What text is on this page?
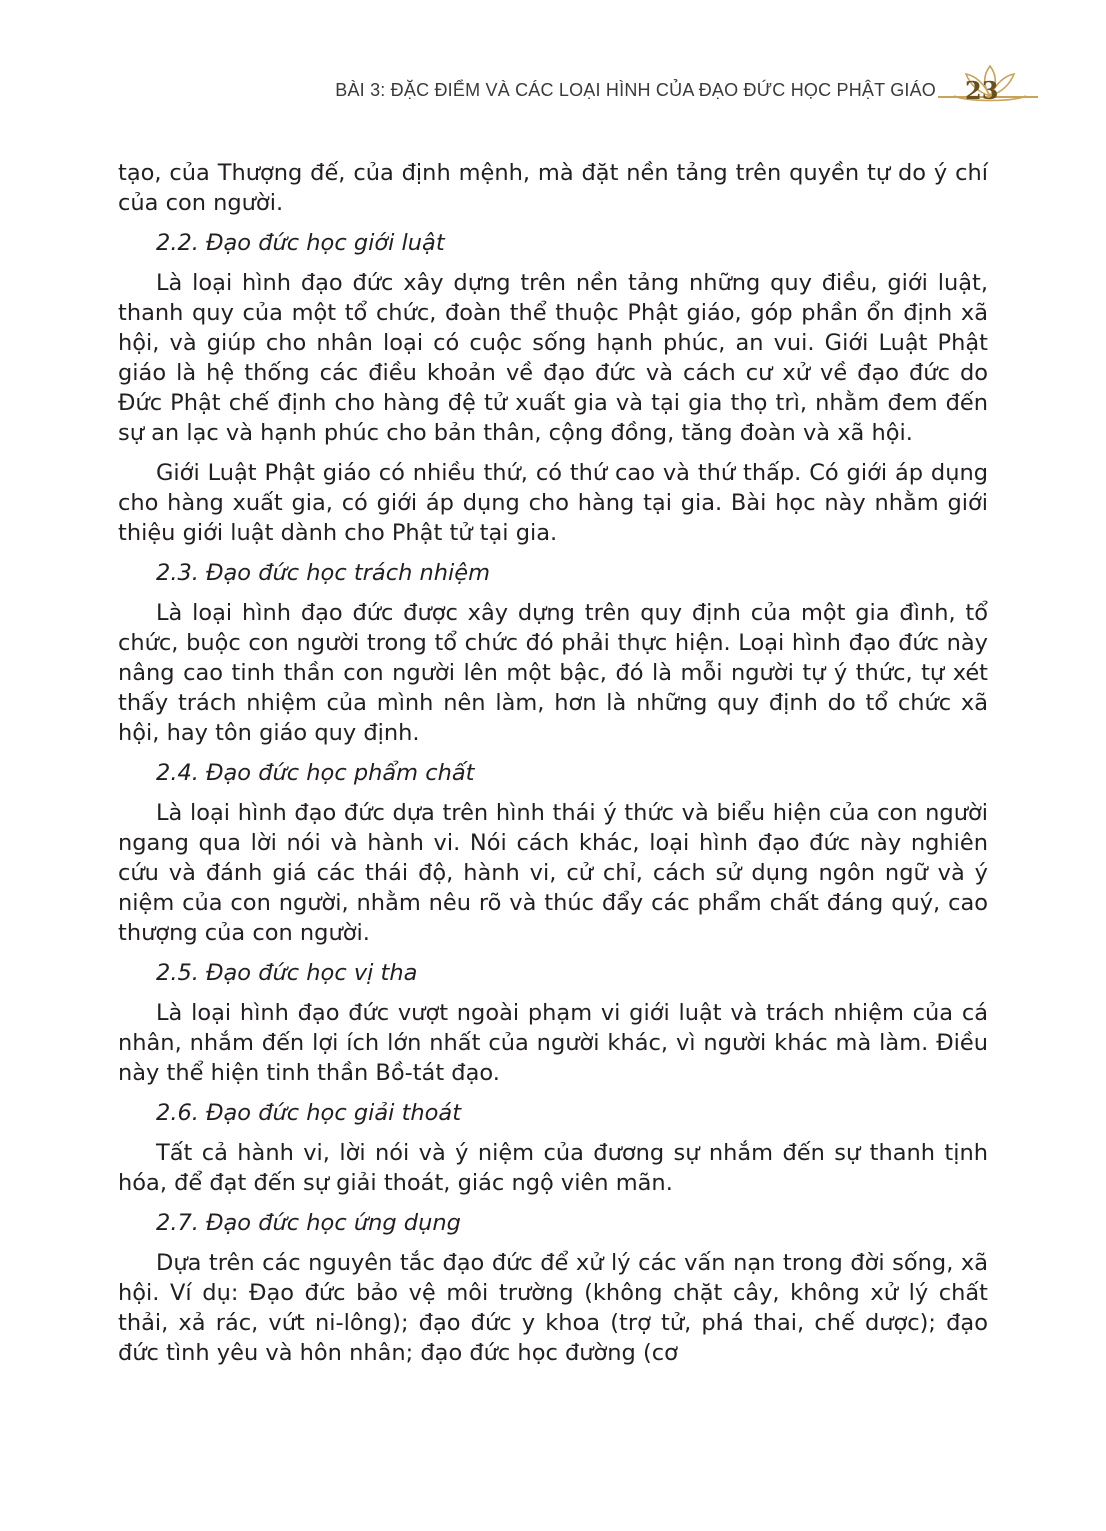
BÀI 3: ĐẶC ĐIỂM VÀ CÁC LOẠI HÌNH CỦA ĐẠO ĐỨC HỌC PHẬT GIÁO 23

tạo, của Thượng đế, của định mệnh, mà đặt nền tảng trên quyền tự do ý chí của con người.

2.2. Đạo đức học giới luật

Là loại hình đạo đức xây dựng trên nền tảng những quy điều, giới luật, thanh quy của một tổ chức, đoàn thể thuộc Phật giáo, góp phần ổn định xã hội, và giúp cho nhân loại có cuộc sống hạnh phúc, an vui. Giới Luật Phật giáo là hệ thống các điều khoản về đạo đức và cách cư xử về đạo đức do Đức Phật chế định cho hàng đệ tử xuất gia và tại gia thọ trì, nhằm đem đến sự an lạc và hạnh phúc cho bản thân, cộng đồng, tăng đoàn và xã hội.

Giới Luật Phật giáo có nhiều thứ, có thứ cao và thứ thấp. Có giới áp dụng cho hàng xuất gia, có giới áp dụng cho hàng tại gia. Bài học này nhằm giới thiệu giới luật dành cho Phật tử tại gia.

2.3. Đạo đức học trách nhiệm

Là loại hình đạo đức được xây dựng trên quy định của một gia đình, tổ chức, buộc con người trong tổ chức đó phải thực hiện. Loại hình đạo đức này nâng cao tinh thần con người lên một bậc, đó là mỗi người tự ý thức, tự xét thấy trách nhiệm của mình nên làm, hơn là những quy định do tổ chức xã hội, hay tôn giáo quy định.

2.4. Đạo đức học phẩm chất

Là loại hình đạo đức dựa trên hình thái ý thức và biểu hiện của con người ngang qua lời nói và hành vi. Nói cách khác, loại hình đạo đức này nghiên cứu và đánh giá các thái độ, hành vi, cử chỉ, cách sử dụng ngôn ngữ và ý niệm của con người, nhằm nêu rõ và thúc đẩy các phẩm chất đáng quý, cao thượng của con người.

2.5. Đạo đức học vị tha

Là loại hình đạo đức vượt ngoài phạm vi giới luật và trách nhiệm của cá nhân, nhắm đến lợi ích lớn nhất của người khác, vì người khác mà làm. Điều này thể hiện tinh thần Bồ-tát đạo.

2.6. Đạo đức học giải thoát

Tất cả hành vi, lời nói và ý niệm của đương sự nhắm đến sự thanh tịnh hóa, để đạt đến sự giải thoát, giác ngộ viên mãn.

2.7. Đạo đức học ứng dụng

Dựa trên các nguyên tắc đạo đức để xử lý các vấn nạn trong đời sống, xã hội. Ví dụ: Đạo đức bảo vệ môi trường (không chặt cây, không xử lý chất thải, xả rác, vứt ni-lông); đạo đức y khoa (trợ tử, phá thai, chế dược); đạo đức tình yêu và hôn nhân; đạo đức học đường (cơ
